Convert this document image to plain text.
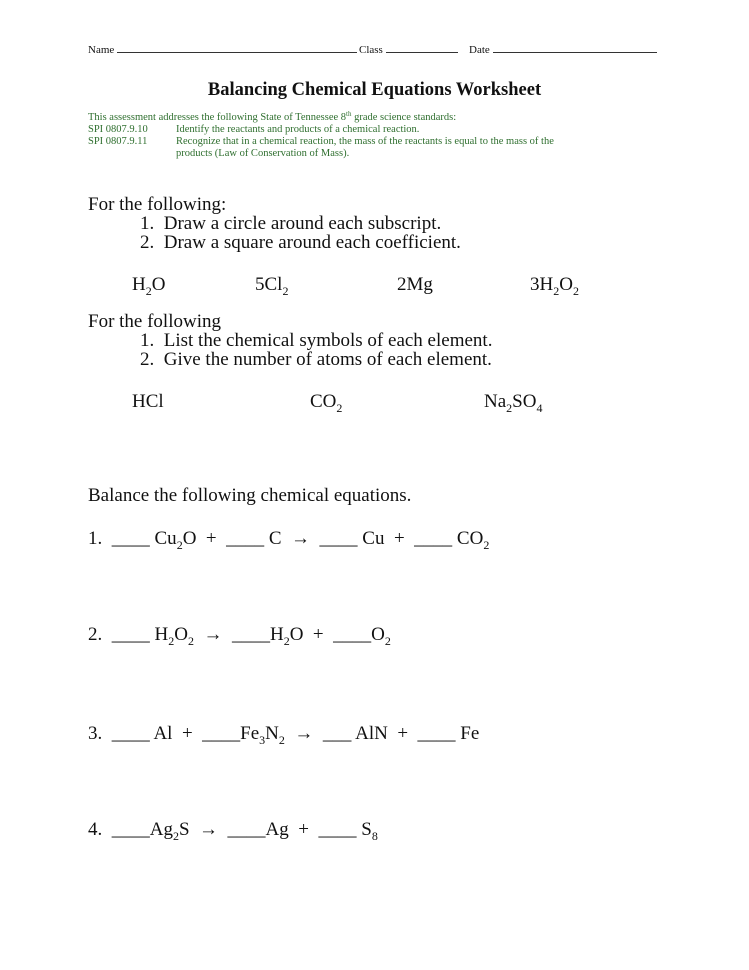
Name	Class	Date
Balancing Chemical Equations Worksheet
This assessment addresses the following State of Tennessee 8th grade science standards:
SPI 0807.9.10	Identify the reactants and products of a chemical reaction.
SPI 0807.9.11	Recognize that in a chemical reaction, the mass of the reactants is equal to the mass of the
products (Law of Conservation of Mass).
For the following:
1.  Draw a circle around each subscript.
2.  Draw a square around each coefficient.
$H_2O$	$5Cl_2$	2Mg	$3H_2O_2$
For the following
1.  List the chemical symbols of each element.
2.  Give the number of atoms of each element.
HCl	$CO_2$	$Na_2SO_4$
Balance the following chemical equations.
1.  ____ $Cu_2O$  +  ____ C  →  ____ Cu  +  ____ $CO_2$
2.  ____ $H_2O_2$  →  $\_\_\_\_H_2O$  +  $\_\_\_\_O_2$
3.  ____ $Al + \_\_\_\_Fe_3N_2$  →  ___ AlN  +  ____ Fe
4.  $\_\_\_\_Ag_2S$  →  ____Ag  +  ____ $S_8$
